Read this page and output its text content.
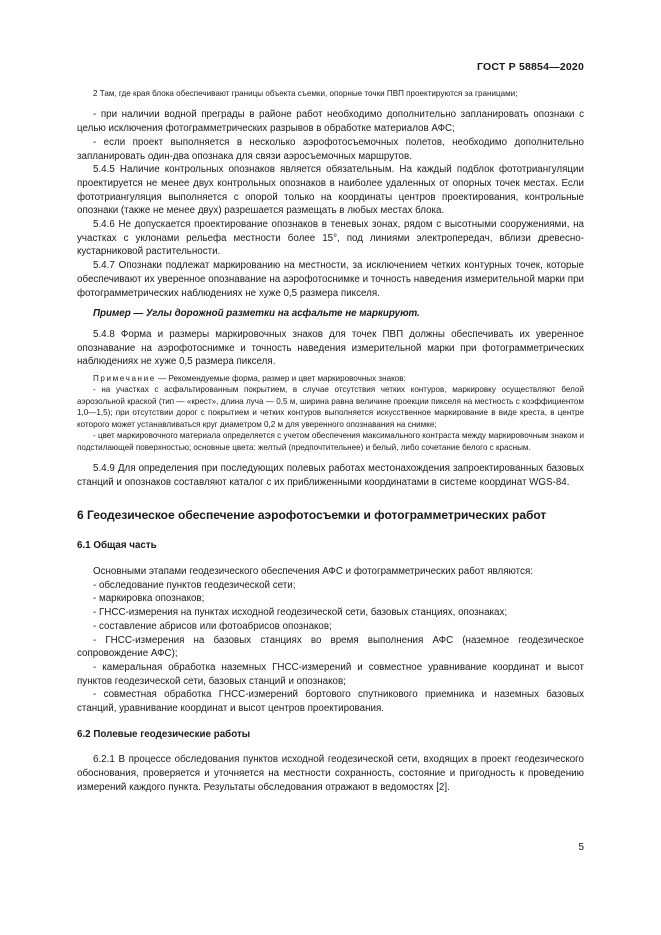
ГОСТ Р 58854—2020

2 Там, где края блока обеспечивают границы объекта съемки, опорные точки ПВП проектируются за границами;

- при наличии водной преграды в районе работ необходимо дополнительно запланировать опознаки с целью исключения фотограмметрических разрывов в обработке материалов АФС;

- если проект выполняется в несколько аэрофотосъемочных полетов, необходимо дополнительно запланировать один-два опознака для связи аэросъемочных маршрутов.

5.4.5 Наличие контрольных опознаков является обязательным. На каждый подблок фототриангуляции проектируется не менее двух контрольных опознаков в наиболее удаленных от опорных точек местах. Если фототриангуляция выполняется с опорой только на координаты центров проектирования, контрольные опознаки (также не менее двух) разрешается размещать в любых местах блока.

5.4.6 Не допускается проектирование опознаков в теневых зонах, рядом с высотными сооружениями, на участках с уклонами рельефа местности более 15°, под линиями электропередач, вблизи древесно-кустарниковой растительности.

5.4.7 Опознаки подлежат маркированию на местности, за исключением четких контурных точек, которые обеспечивают их уверенное опознавание на аэрофотоснимке и точность наведения измерительной марки при фотограмметрических наблюдениях не хуже 0,5 размера пикселя.

Пример — Углы дорожной разметки на асфальте не маркируют.

5.4.8 Форма и размеры маркировочных знаков для точек ПВП должны обеспечивать их уверенное опознавание на аэрофотоснимке и точность наведения измерительной марки при фотограмметрических наблюдениях не хуже 0,5 размера пикселя.

Примечание — Рекомендуемые форма, размер и цвет маркировочных знаков:

- на участках с асфальтированным покрытием, в случае отсутствия четких контуров, маркировку осуществляют белой аэрозольной краской (тип — «крест», длина луча — 0,5 м, ширина равна величине проекции пикселя на местность с коэффициентом 1,0—1,5); при отсутствии дорог с покрытием и четких контуров выполняется искусственное маркирование в виде креста, в центре которого может устанавливаться круг диаметром 0,2 м для уверенного опознавания на снимке;

- цвет маркировочного материала определяется с учетом обеспечения максимального контраста между маркировочным знаком и подстилающей поверхностью; основные цвета: желтый (предпочтительнее) и белый, либо сочетание белого с красным.

5.4.9 Для определения при последующих полевых работах местонахождения запроектированных базовых станций и опознаков составляют каталог с их приближенными координатами в системе координат WGS-84.

6 Геодезическое обеспечение аэрофотосъемки и фотограмметрических работ

6.1 Общая часть

Основными этапами геодезического обеспечения АФС и фотограмметрических работ являются:

- обследование пунктов геодезической сети;

- маркировка опознаков;

- ГНСС-измерения на пунктах исходной геодезической сети, базовых станциях, опознаках;

- составление абрисов или фотоабрисов опознаков;

- ГНСС-измерения на базовых станциях во время выполнения АФС (наземное геодезическое сопровождение АФС);

- камеральная обработка наземных ГНСС-измерений и совместное уравнивание координат и высот пунктов геодезической сети, базовых станций и опознаков;

- совместная обработка ГНСС-измерений бортового спутникового приемника и наземных базовых станций, уравнивание координат и высот центров проектирования.

6.2 Полевые геодезические работы

6.2.1 В процессе обследования пунктов исходной геодезической сети, входящих в проект геодезического обоснования, проверяется и уточняется на местности сохранность, состояние и пригодность к проведению измерений каждого пункта. Результаты обследования отражают в ведомостях [2].

5
